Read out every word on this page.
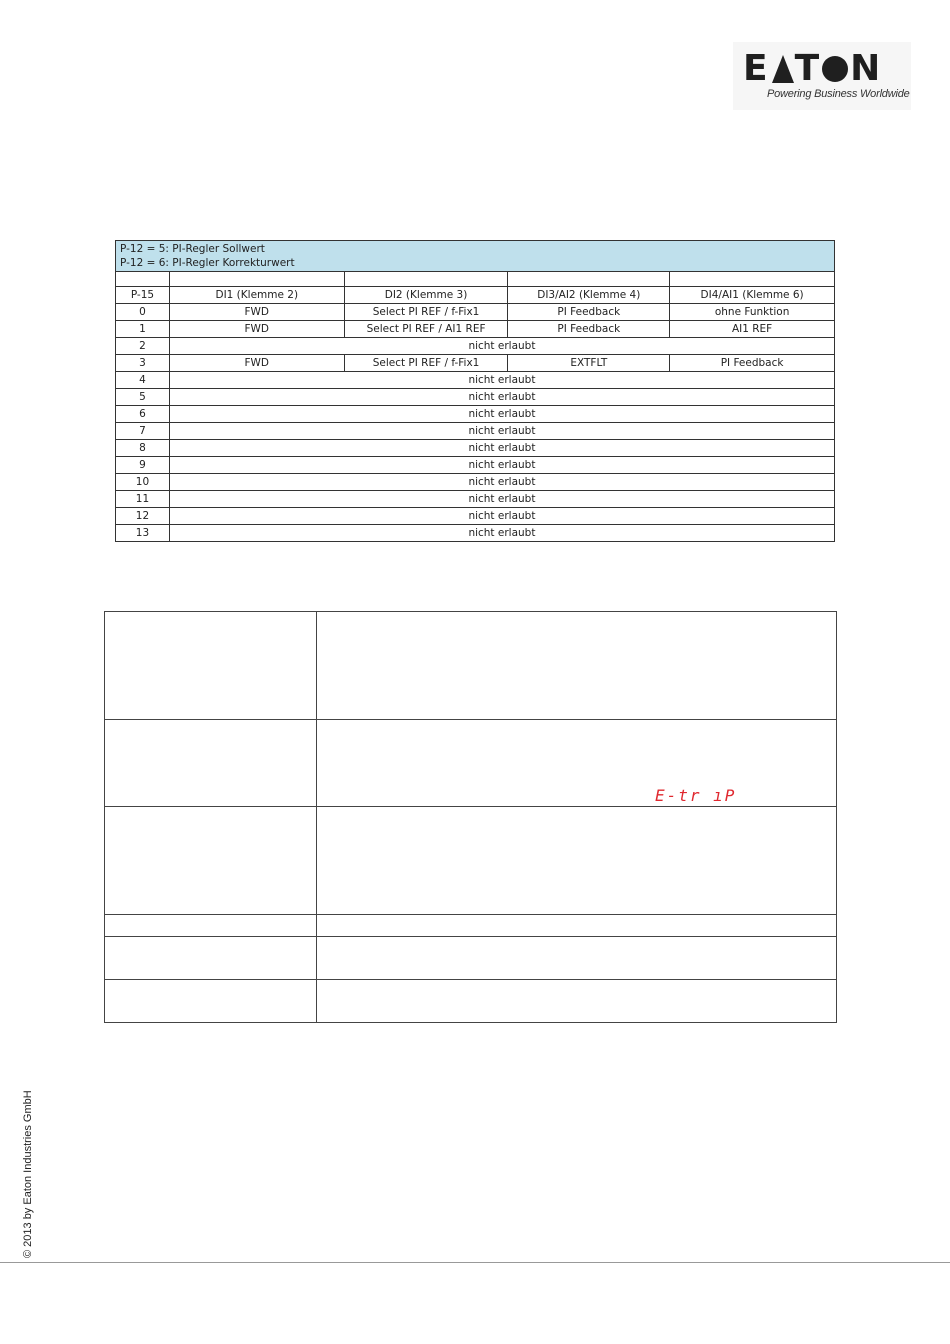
E T N
Powering Business Worldwide
P-12 = 5: PI-Regler Sollwert
P-12 = 6: PI-Regler Korrekturwert				

P-15	DI1 (Klemme 2)	DI2 (Klemme 3)	DI3/AI2 (Klemme 4)	DI4/AI1 (Klemme 6)
0	FWD	Select PI REF / f-Fix1	PI Feedback	ohne Funktion
1	FWD	Select PI REF / AI1 REF	PI Feedback	AI1 REF
2	nicht erlaubt			
3	FWD	Select PI REF / f-Fix1	EXTFLT	PI Feedback
4	nicht erlaubt			
5	nicht erlaubt			
6	nicht erlaubt			
7	nicht erlaubt			
8	nicht erlaubt			
9	nicht erlaubt			
10	nicht erlaubt			
11	nicht erlaubt			
12	nicht erlaubt			
13	nicht erlaubt			

E-tr ıP
© 2013 by Eaton Industries GmbH
